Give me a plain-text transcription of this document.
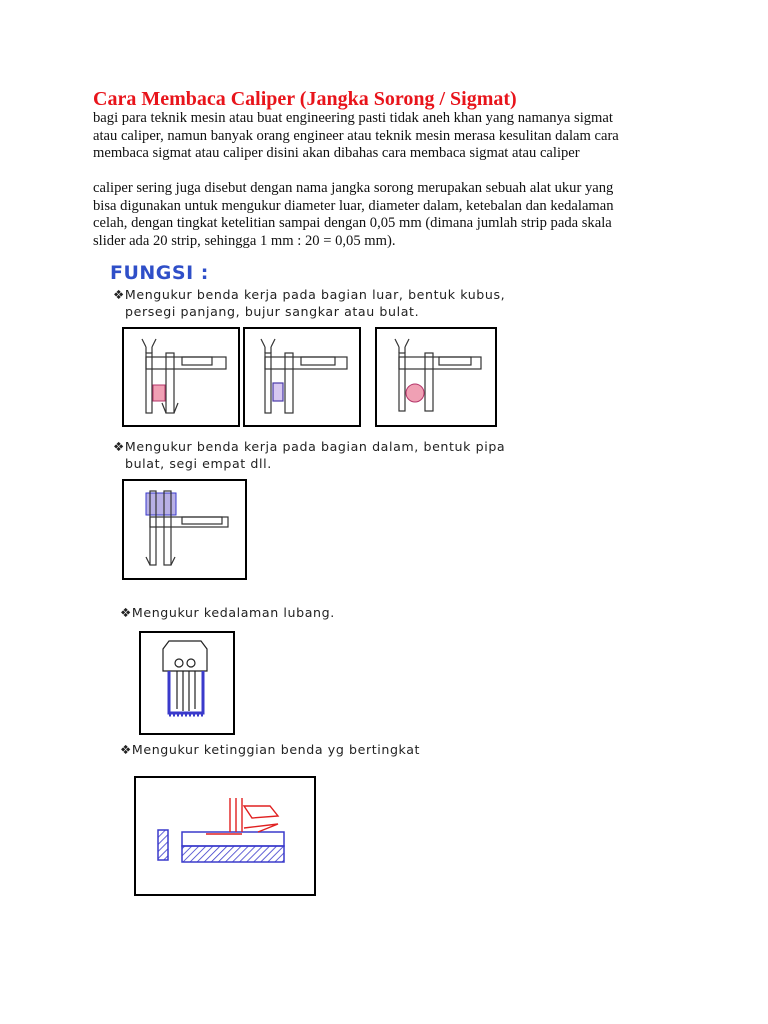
Cara Membaca Caliper (Jangka Sorong / Sigmat)
bagi para teknik mesin atau buat engineering pasti tidak aneh khan yang namanya sigmat
atau caliper, namun banyak orang engineer atau teknik mesin merasa kesulitan dalam cara
membaca sigmat atau caliper disini akan dibahas cara membaca sigmat atau caliper
caliper sering juga disebut dengan nama jangka sorong merupakan sebuah alat ukur yang
bisa digunakan untuk mengukur diameter luar, diameter dalam, ketebalan dan kedalaman
celah, dengan tingkat ketelitian sampai dengan 0,05 mm (dimana jumlah strip pada skala
slider ada 20 strip, sehingga 1 mm : 20 = 0,05 mm).
FUNGSI :
❖Mengukur benda kerja pada bagian luar, bentuk kubus,
persegi panjang, bujur sangkar atau bulat.
❖Mengukur benda kerja pada bagian dalam, bentuk pipa
bulat, segi empat dll.
❖Mengukur kedalaman lubang.
❖Mengukur ketinggian benda yg bertingkat
